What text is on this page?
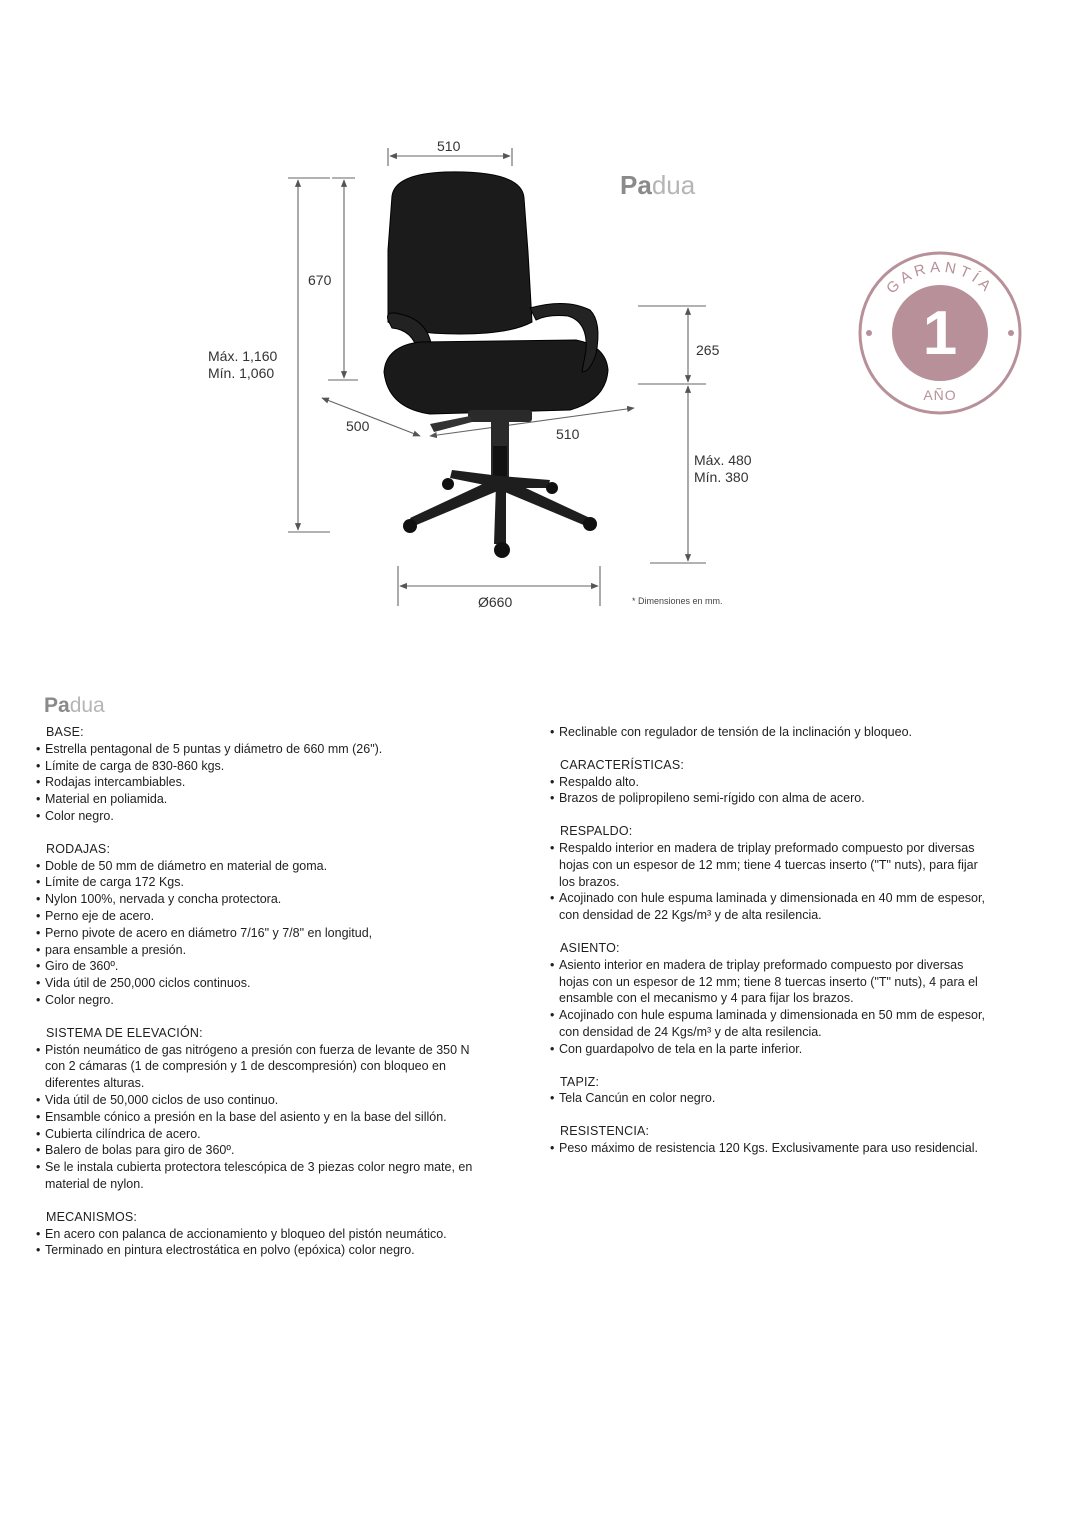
Padua
510
670
Máx. 1,160
Mín. 1,060
265
500	510
Máx. 480
Mín. 380
Ø660	* Dimensiones en mm.
GARANTÍA
1
AÑO
Padua
BASE:
• Estrella pentagonal de 5 puntas y diámetro de 660 mm (26").
• Límite de carga de 830-860 kgs.
• Rodajas intercambiables.
• Material en poliamida.
• Color negro.
RODAJAS:
• Doble de 50 mm de diámetro en material de goma.
• Límite de carga 172 Kgs.
• Nylon 100%, nervada y concha protectora.
• Perno eje de acero.
• Perno pivote de acero en diámetro 7/16" y 7/8" en longitud,
• para ensamble a presión.
• Giro de 360º.
• Vida útil de 250,000 ciclos continuos.
• Color negro.
SISTEMA DE ELEVACIÓN:
• Pistón neumático de gas nitrógeno a presión con fuerza de levante de 350 N con 2 cámaras (1 de compresión y 1 de descompresión) con bloqueo en diferentes alturas.
• Vida útil de 50,000 ciclos de uso continuo.
• Ensamble cónico a presión en la base del asiento y en la base del sillón.
• Cubierta cilíndrica de acero.
• Balero de bolas para giro de 360º.
• Se le instala cubierta protectora telescópica de 3 piezas color negro mate, en material de nylon.
MECANISMOS:
• En acero con palanca de accionamiento y bloqueo del pistón neumático.
• Terminado en pintura electrostática en polvo (epóxica) color negro.
• Reclinable con regulador de tensión de la inclinación y bloqueo.
CARACTERÍSTICAS:
• Respaldo alto.
• Brazos de polipropileno semi-rígido con alma de acero.
RESPALDO:
• Respaldo interior en madera de triplay preformado compuesto por diversas hojas con un espesor de 12 mm; tiene 4 tuercas inserto ("T" nuts), para fijar los brazos.
• Acojinado con hule espuma laminada y dimensionada en 40 mm de espesor, con densidad de 22 Kgs/m³ y de alta resilencia.
ASIENTO:
• Asiento interior en madera de triplay preformado compuesto por diversas hojas con un espesor de 12 mm; tiene 8 tuercas inserto ("T" nuts), 4 para el ensamble con el mecanismo y 4 para fijar los brazos.
• Acojinado con hule espuma laminada y dimensionada en 50 mm de espesor, con densidad de 24 Kgs/m³ y de alta resilencia.
• Con guardapolvo de tela en la parte inferior.
TAPIZ:
• Tela Cancún en color negro.
RESISTENCIA:
• Peso máximo de resistencia 120 Kgs. Exclusivamente para uso residencial.
